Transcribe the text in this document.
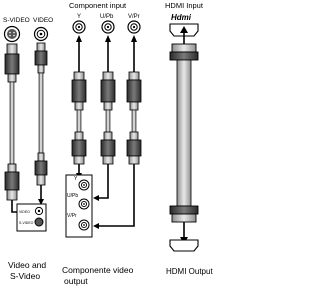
S-VIDEO VIDEO
Component input
Y	U/Pb V/Pr
HDMI Input
VIDEO
S-VIDEO
Video and
S-Video
Y
U/Pb
V/Pr
Componente video
output
Hdmi
HDMI Output
